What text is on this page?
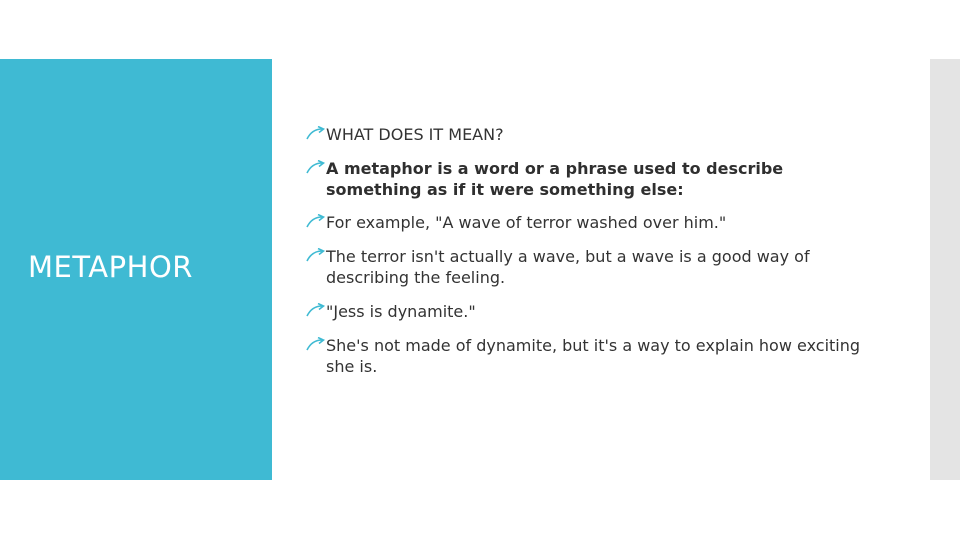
METAPHOR
WHAT DOES IT MEAN?
A metaphor is a word or a phrase used to describe something as if it were something else:
For example, "A wave of terror washed over him."
The terror isn't actually a wave, but a wave is a good way of describing the feeling.
"Jess is dynamite."
She's not made of dynamite, but it's a way to explain how exciting she is.
